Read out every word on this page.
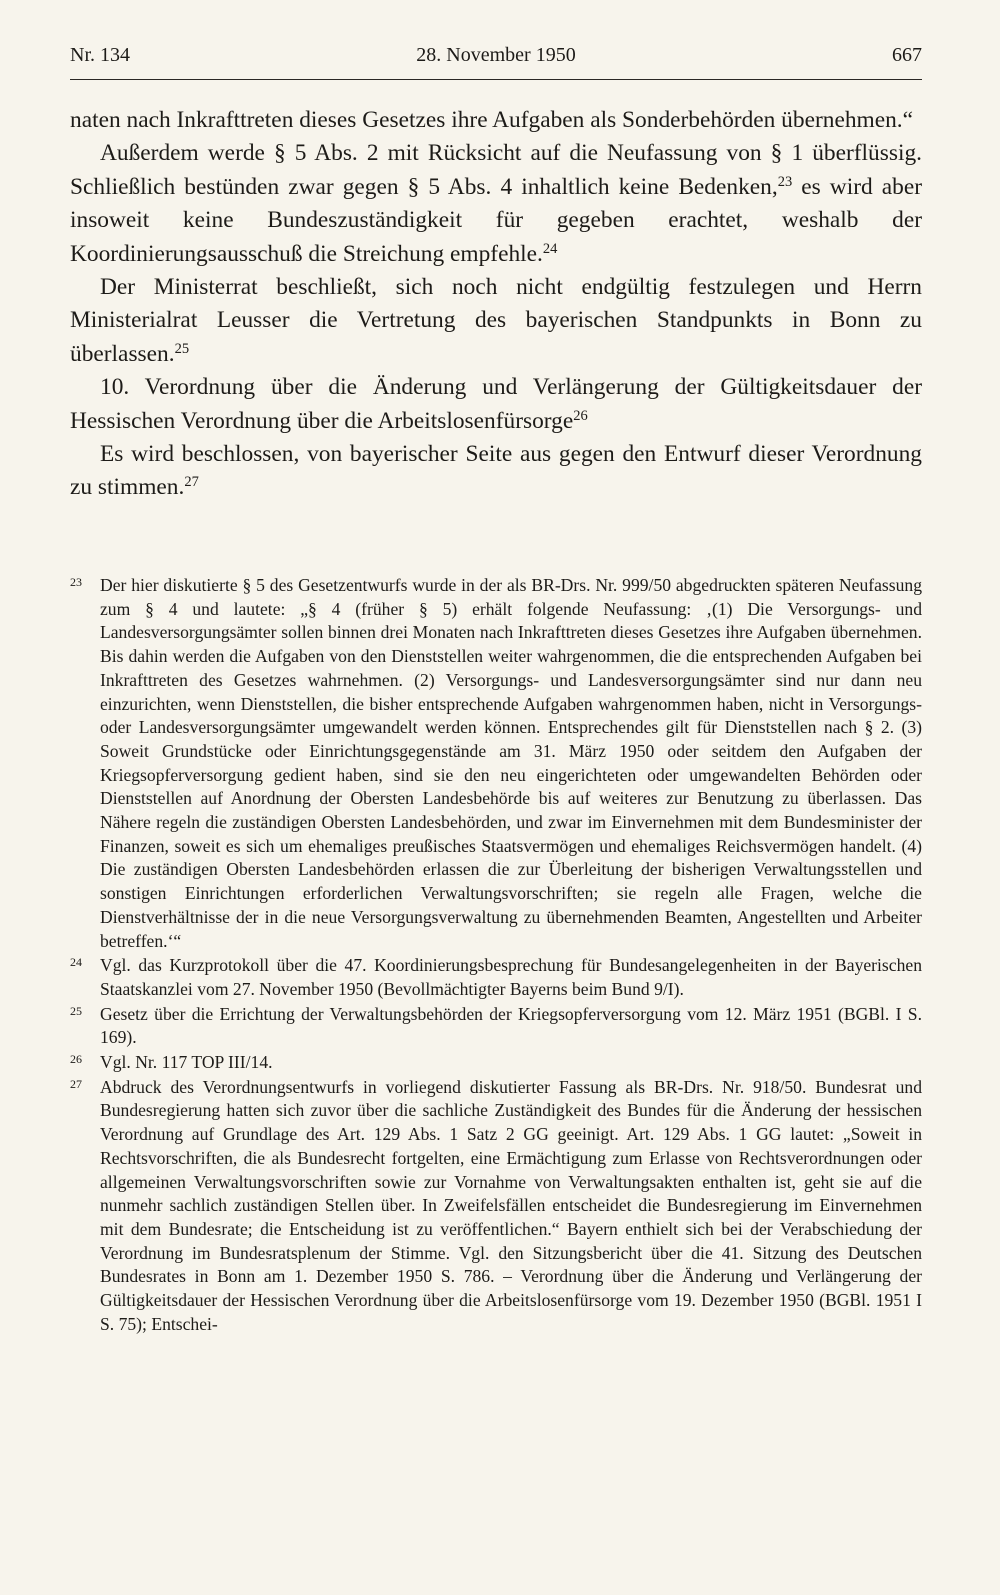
Nr. 134	28. November 1950	667

naten nach Inkrafttreten dieses Gesetzes ihre Aufgaben als Sonderbehörden übernehmen.“

Außerdem werde § 5 Abs. 2 mit Rücksicht auf die Neufassung von § 1 überflüssig. Schließlich bestünden zwar gegen § 5 Abs. 4 inhaltlich keine Bedenken,$^{23}$ es wird aber insoweit keine Bundeszuständigkeit für gegeben erachtet, weshalb der Koordinierungsausschuß die Streichung empfehle.$^{24}$

Der Ministerrat beschließt, sich noch nicht endgültig festzulegen und Herrn Ministerialrat Leusser die Vertretung des bayerischen Standpunkts in Bonn zu überlassen.$^{25}$

10. Verordnung über die Änderung und Verlängerung der Gültigkeitsdauer der Hessischen Verordnung über die Arbeitslosenfürsorge$^{26}$

Es wird beschlossen, von bayerischer Seite aus gegen den Entwurf dieser Verordnung zu stimmen.$^{27}$

23 Der hier diskutierte § 5 des Gesetzentwurfs wurde in der als BR-Drs. Nr. 999/50 abgedruckten späteren Neufassung zum § 4 und lautete: „§ 4 (früher § 5) erhält folgende Neufassung: ‚(1) Die Versorgungs- und Landesversorgungsämter sollen binnen drei Monaten nach Inkrafttreten dieses Gesetzes ihre Aufgaben übernehmen. Bis dahin werden die Aufgaben von den Dienststellen weiter wahrgenommen, die die entsprechenden Aufgaben bei Inkrafttreten des Gesetzes wahrnehmen. (2) Versorgungs- und Landesversorgungsämter sind nur dann neu einzurichten, wenn Dienststellen, die bisher entsprechende Aufgaben wahrgenommen haben, nicht in Versorgungs- oder Landesversorgungsämter umgewandelt werden können. Entsprechendes gilt für Dienststellen nach § 2. (3) Soweit Grundstücke oder Einrichtungsgegenstände am 31. März 1950 oder seitdem den Aufgaben der Kriegsopferversorgung gedient haben, sind sie den neu eingerichteten oder umgewandelten Behörden oder Dienststellen auf Anordnung der Obersten Landesbehörde bis auf weiteres zur Benutzung zu überlassen. Das Nähere regeln die zuständigen Obersten Landesbehörden, und zwar im Einvernehmen mit dem Bundesminister der Finanzen, soweit es sich um ehemaliges preußisches Staatsvermögen und ehemaliges Reichsvermögen handelt. (4) Die zuständigen Obersten Landesbehörden erlassen die zur Überleitung der bisherigen Verwaltungsstellen und sonstigen Einrichtungen erforderlichen Verwaltungsvorschriften; sie regeln alle Fragen, welche die Dienstverhältnisse der in die neue Versorgungsverwaltung zu übernehmenden Beamten, Angestellten und Arbeiter betreffen.‘“

24 Vgl. das Kurzprotokoll über die 47. Koordinierungsbesprechung für Bundesangelegenheiten in der Bayerischen Staatskanzlei vom 27. November 1950 (Bevollmächtigter Bayerns beim Bund 9/I).

25 Gesetz über die Errichtung der Verwaltungsbehörden der Kriegsopferversorgung vom 12. März 1951 (BGBl. I S. 169).

26 Vgl. Nr. 117 TOP III/14.

27 Abdruck des Verordnungsentwurfs in vorliegend diskutierter Fassung als BR-Drs. Nr. 918/50. Bundesrat und Bundesregierung hatten sich zuvor über die sachliche Zuständigkeit des Bundes für die Änderung der hessischen Verordnung auf Grundlage des Art. 129 Abs. 1 Satz 2 GG geeinigt. Art. 129 Abs. 1 GG lautet: „Soweit in Rechtsvorschriften, die als Bundesrecht fortgelten, eine Ermächtigung zum Erlasse von Rechtsverordnungen oder allgemeinen Verwaltungsvorschriften sowie zur Vornahme von Verwaltungsakten enthalten ist, geht sie auf die nunmehr sachlich zuständigen Stellen über. In Zweifelsfällen entscheidet die Bundesregierung im Einvernehmen mit dem Bundesrate; die Entscheidung ist zu veröffentlichen.“ Bayern enthielt sich bei der Verabschiedung der Verordnung im Bundesratsplenum der Stimme. Vgl. den Sitzungsbericht über die 41. Sitzung des Deutschen Bundesrates in Bonn am 1. Dezember 1950 S. 786. – Verordnung über die Änderung und Verlängerung der Gültigkeitsdauer der Hessischen Verordnung über die Arbeitslosenfürsorge vom 19. Dezember 1950 (BGBl. 1951 I S. 75); Entschei-
